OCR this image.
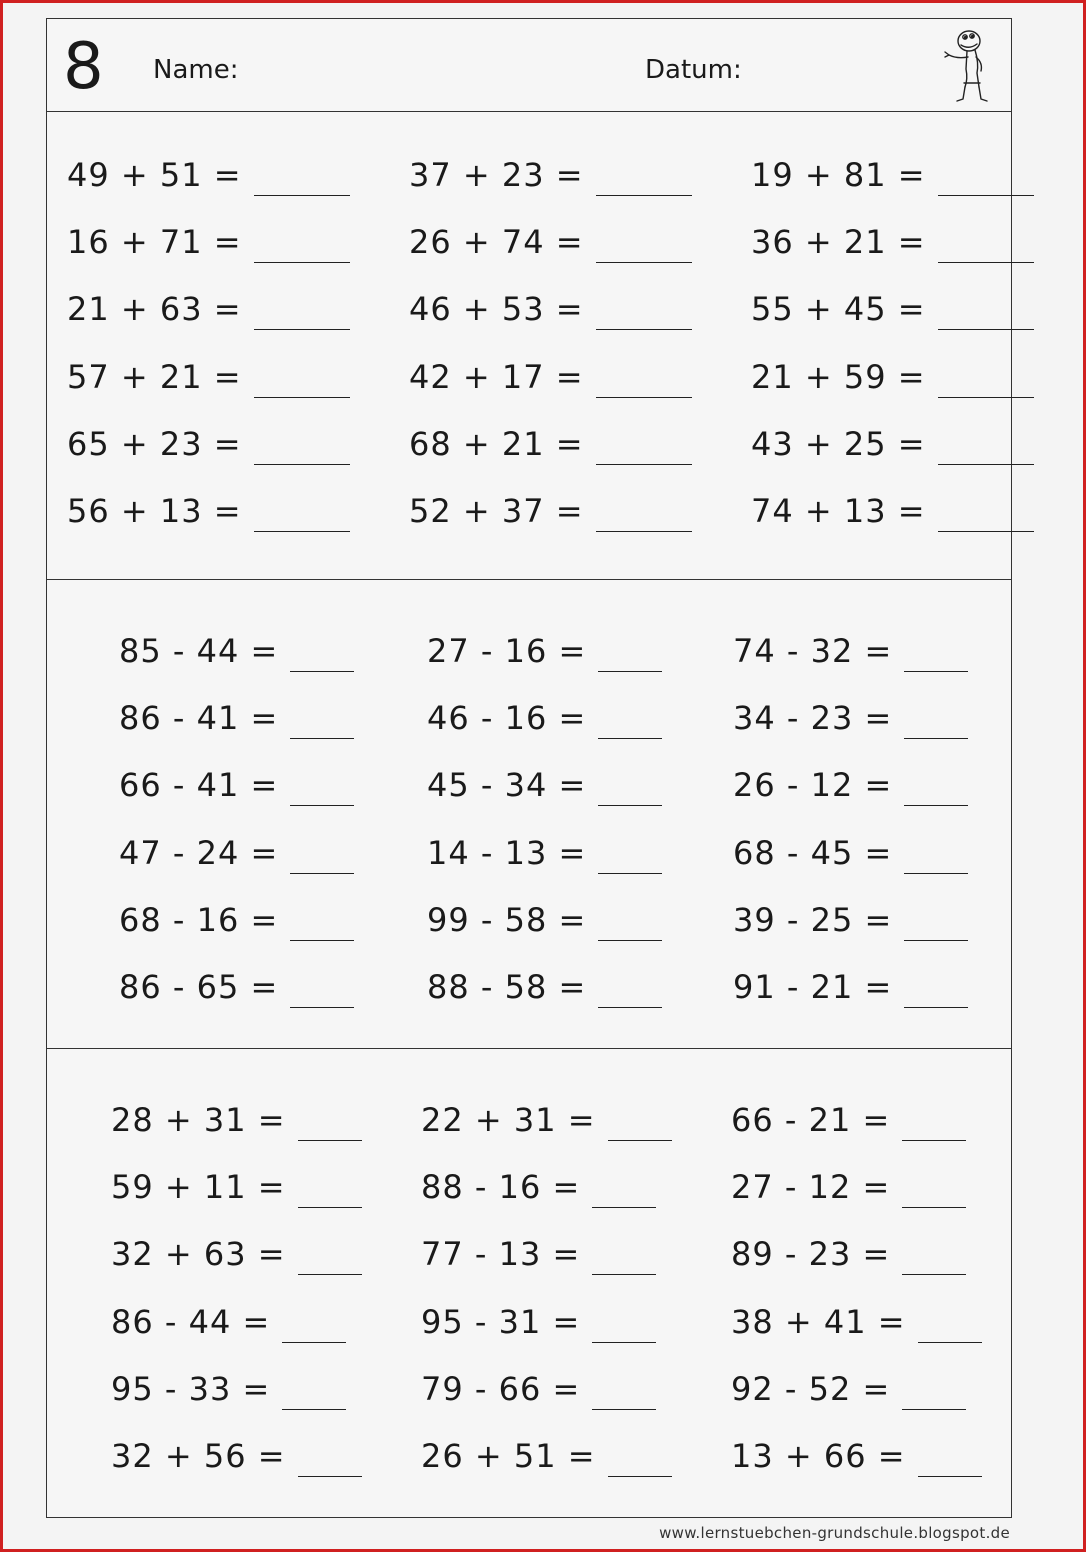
8 Name:	Datum:
49 + 51 =
16 + 71 =
21 + 63 =
57 + 21 =
65 + 23 =
56 + 13 =
37 + 23 =
26 + 74 =
46 + 53 =
42 + 17 =
68 + 21 =
52 + 37 =
19 + 81 =
36 + 21 =
55 + 45 =
21 + 59 =
43 + 25 =
74 + 13 =
85 - 44 =
86 - 41 =
66 - 41 =
47 - 24 =
68 - 16 =
86 - 65 =
27 - 16 =
46 - 16 =
45 - 34 =
14 - 13 =
99 - 58 =
88 - 58 =
74 - 32 =
34 - 23 =
26 - 12 =
68 - 45 =
39 - 25 =
91 - 21 =
28 + 31 =
59 + 11 =
32 + 63 =
86 - 44 =
95 - 33 =
32 + 56 =
22 + 31 =
88 - 16 =
77 - 13 =
95 - 31 =
79 - 66 =
26 + 51 =
66 - 21 =
27 - 12 =
89 - 23 =
38 + 41 =
92 - 52 =
13 + 66 =
www.lernstuebchen-grundschule.blogspot.de
